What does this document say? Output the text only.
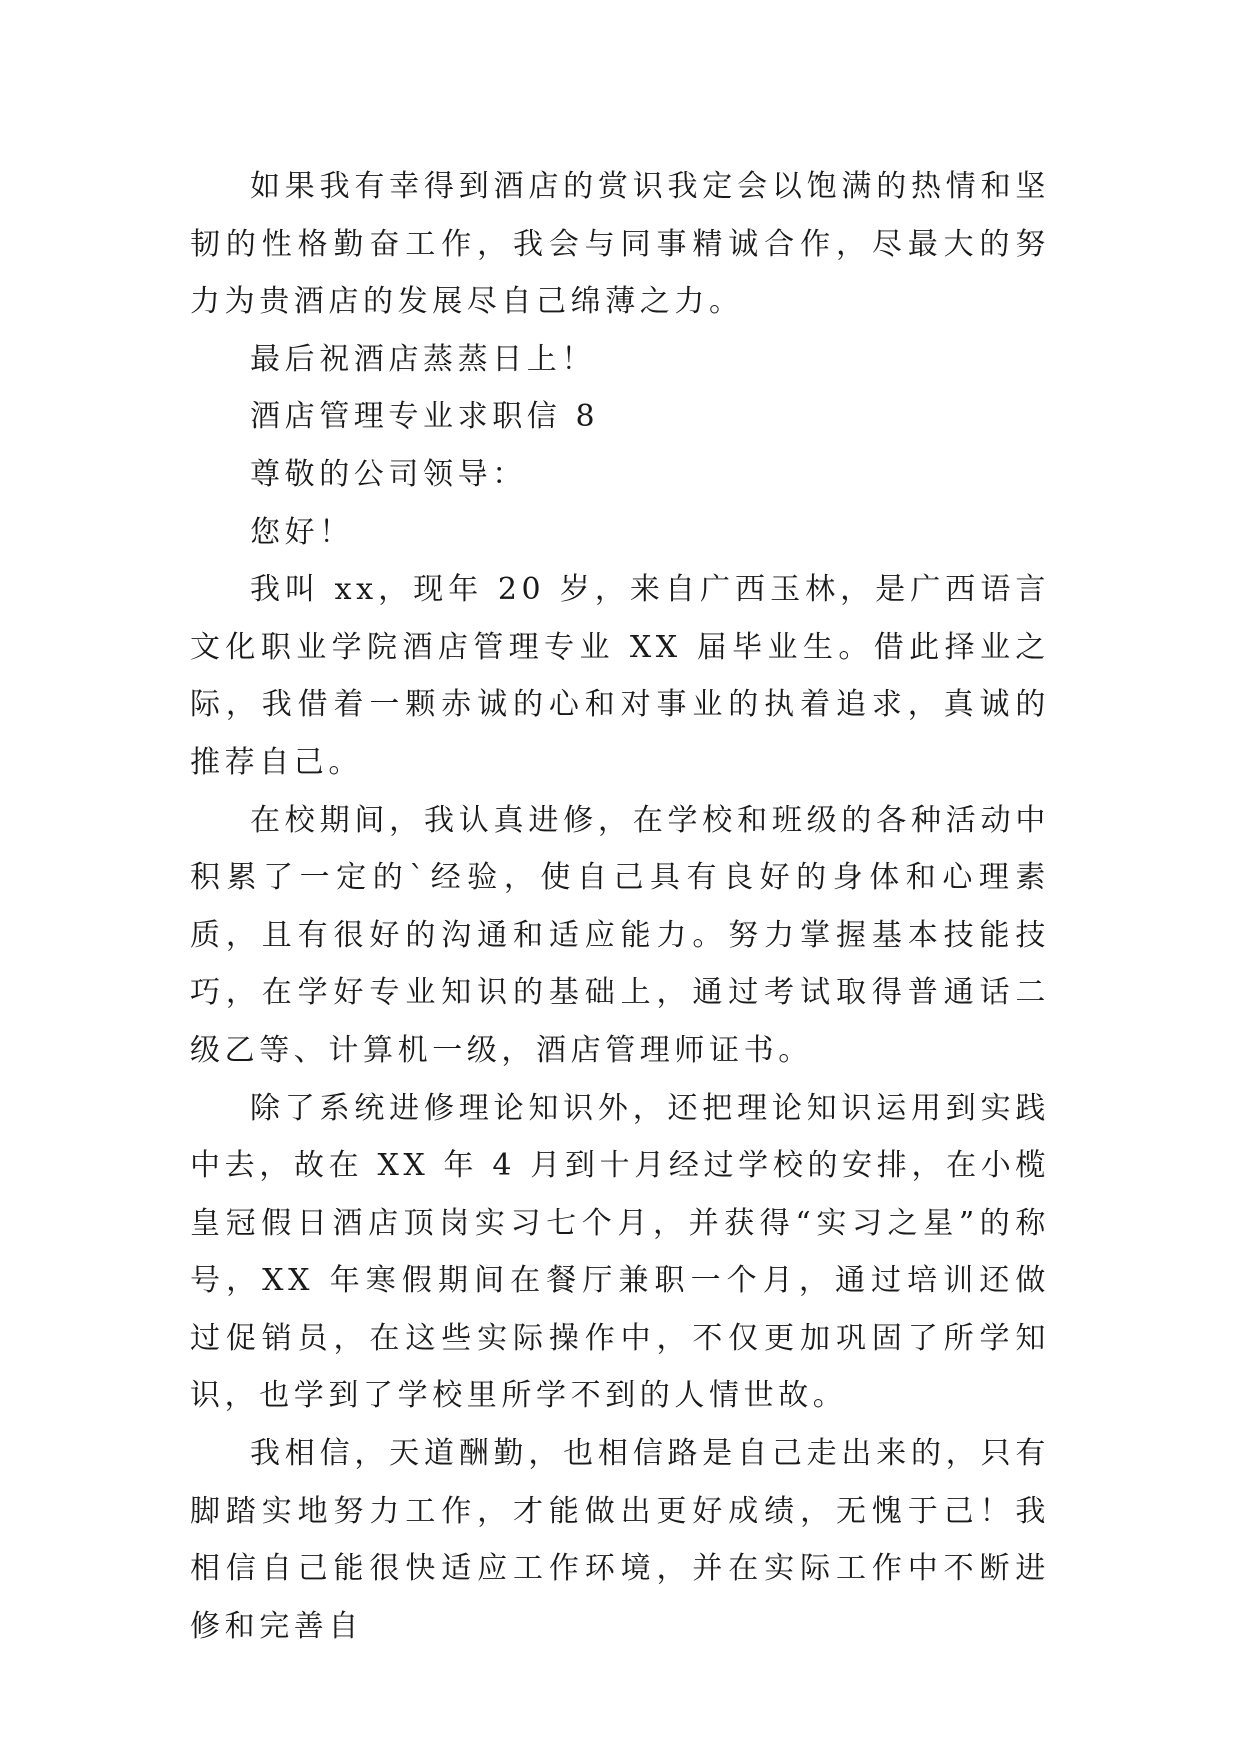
如果我有幸得到酒店的赏识我定会以饱满的热情和坚韧的性格勤奋工作，我会与同事精诚合作，尽最大的努力为贵酒店的发展尽自己绵薄之力。

最后祝酒店蒸蒸日上！

酒店管理专业求职信 8

尊敬的公司领导：

您好！

我叫 xx，现年 20 岁，来自广西玉林，是广西语言文化职业学院酒店管理专业 XX 届毕业生。借此择业之际，我借着一颗赤诚的心和对事业的执着追求，真诚的推荐自己。

在校期间，我认真进修，在学校和班级的各种活动中积累了一定的`经验，使自己具有良好的身体和心理素质，且有很好的沟通和适应能力。努力掌握基本技能技巧，在学好专业知识的基础上，通过考试取得普通话二级乙等、计算机一级，酒店管理师证书。

除了系统进修理论知识外，还把理论知识运用到实践中去，故在 XX 年 4 月到十月经过学校的安排，在小榄皇冠假日酒店顶岗实习七个月，并获得“实习之星”的称号，XX 年寒假期间在餐厅兼职一个月，通过培训还做过促销员，在这些实际操作中，不仅更加巩固了所学知识，也学到了学校里所学不到的人情世故。

我相信，天道酬勤，也相信路是自己走出来的，只有脚踏实地努力工作，才能做出更好成绩，无愧于己！我相信自己能很快适应工作环境，并在实际工作中不断进修和完善自
